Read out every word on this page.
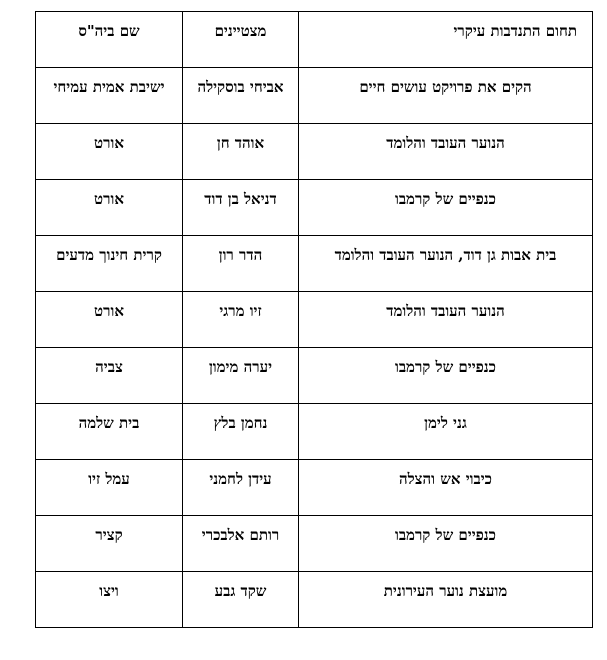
תחום התנדבות עיקרי	מצטיינים	שם ביה"ס

הקים את פרויקט עושים חיים	אביחי בוסקילה	ישיבת אמית עמיחי

הנוער העובד והלומד	אוהד חן	אורט

כנפיים של קרמבו	דניאל בן דוד	אורט

בית אבות גן דוד, הנוער העובד והלומד	הדר רון	קרית חינוך מדעים

הנוער העובד והלומד	זיו מרגי	אורט

כנפיים של קרמבו	יערה מימון	צביה

גני לימן	נחמן בלץ	בית שלמה

כיבוי אש והצלה	עידן לחמני	עמל זיו

כנפיים של קרמבו	רותם אלבכרי	קציר

מועצת נוער העירונית	שקד גבע	ויצו
